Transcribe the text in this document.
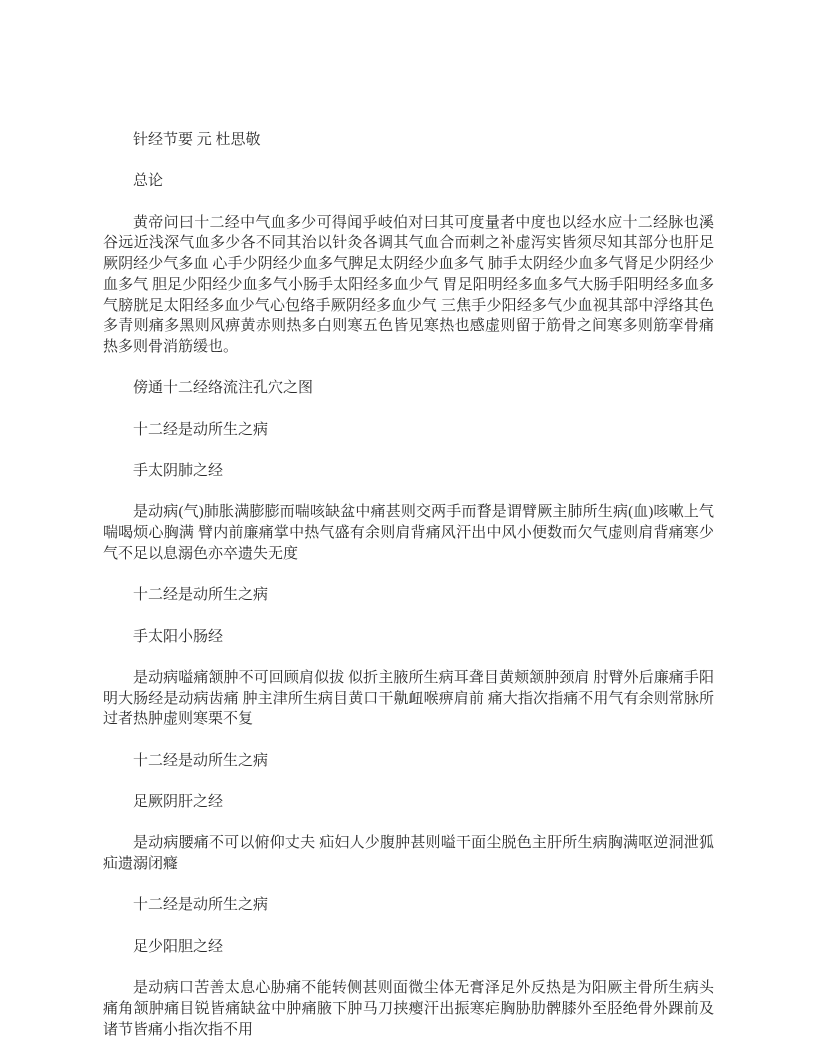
针经节要 元 杜思敬

总论

黄帝问曰十二经中气血多少可得闻乎岐伯对曰其可度量者中度也以经水应十二经脉也溪谷远近浅深气血多少各不同其治以针灸各调其气血合而刺之补虚泻实皆须尽知其部分也肝足厥阴经少气多血 心手少阴经少血多气脾足太阴经少血多气 肺手太阴经少血多气肾足少阴经少血多气 胆足少阳经少血多气小肠手太阳经多血少气 胃足阳明经多血多气大肠手阳明经多血多气膀胱足太阳经多血少气心包络手厥阴经多血少气 三焦手少阳经多气少血视其部中浮络其色多青则痛多黑则风痹黄赤则热多白则寒五色皆见寒热也感虚则留于筋骨之间寒多则筋挛骨痛热多则骨消筋缓也。

傍通十二经络流注孔穴之图

十二经是动所生之病

手太阴肺之经

是动病(气)肺胀满膨膨而喘咳缺盆中痛甚则交两手而瞀是谓臂厥主肺所生病(血)咳嗽上气喘喝烦心胸满 臂内前廉痛掌中热气盛有余则肩背痛风汗出中风小便数而欠气虚则肩背痛寒少气不足以息溺色亦卒遗失无度

十二经是动所生之病

手太阳小肠经

是动病嗌痛颔肿不可回顾肩似拔 似折主腋所生病耳聋目黄颊颔肿颈肩 肘臂外后廉痛手阳明大肠经是动病齿痛 肿主津所生病目黄口干鼽衄喉痹肩前 痛大指次指痛不用气有余则常脉所过者热肿虚则寒栗不复

十二经是动所生之病

足厥阴肝之经

是动病腰痛不可以俯仰丈夫 疝妇人少腹肿甚则嗌干面尘脱色主肝所生病胸满呕逆洞泄狐疝遗溺闭癃

十二经是动所生之病

足少阳胆之经

是动病口苦善太息心胁痛不能转侧甚则面微尘体无膏泽足外反热是为阳厥主骨所生病头痛角颔肿痛目锐皆痛缺盆中肿痛腋下肿马刀挟瘿汗出振寒疟胸胁肋髀膝外至胫绝骨外踝前及诸节皆痛小指次指不用
